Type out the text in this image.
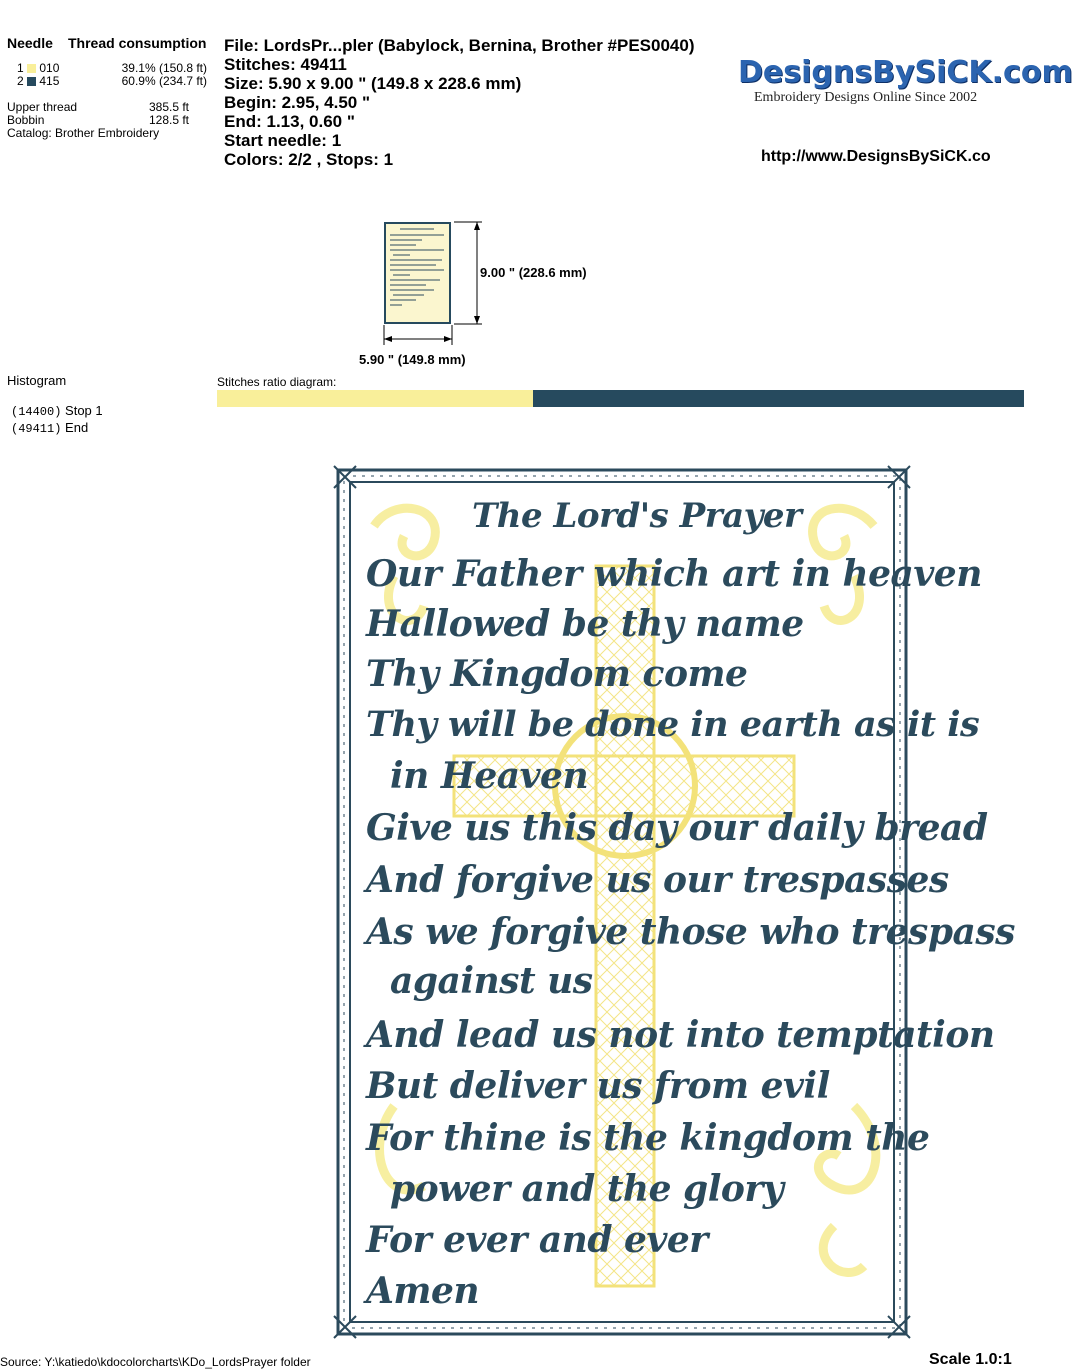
Needle Thread consumption
1 010	39.1% (150.8 ft)
2 415	60.9% (234.7 ft)
Upper thread	385.5 ft
Bobbin	128.5 ft
Catalog: Brother Embroidery
File: LordsPr...pler (Babylock, Bernina, Brother #PES0040)
Stitches: 49411
Size: 5.90 x 9.00 " (149.8 x 228.6 mm)
Begin: 2.95, 4.50 "
End: 1.13, 0.60 "
Start needle: 1
Colors: 2/2 , Stops: 1
DesignsBySiCK.com
Embroidery Designs Online Since 2002
http://www.DesignsBySiCK.co
9.00 " (228.6 mm)
5.90 " (149.8 mm)
Histogram
(14400) Stop 1
(49411) End
Stitches ratio diagram:
The Lord's Prayer
Our Father which art in heaven
Hallowed be thy name
Thy Kingdom come
Thy will be done in earth as it is
in Heaven
Give us this day our daily bread
And forgive us our trespasses
As we forgive those who trespass
against us
And lead us not into temptation
But deliver us from evil
For thine is the kingdom the
power and the glory
For ever and ever
Amen
Source: Y:\katiedo\kdocolorcharts\KDo_LordsPrayer folder	Scale 1.0:1
